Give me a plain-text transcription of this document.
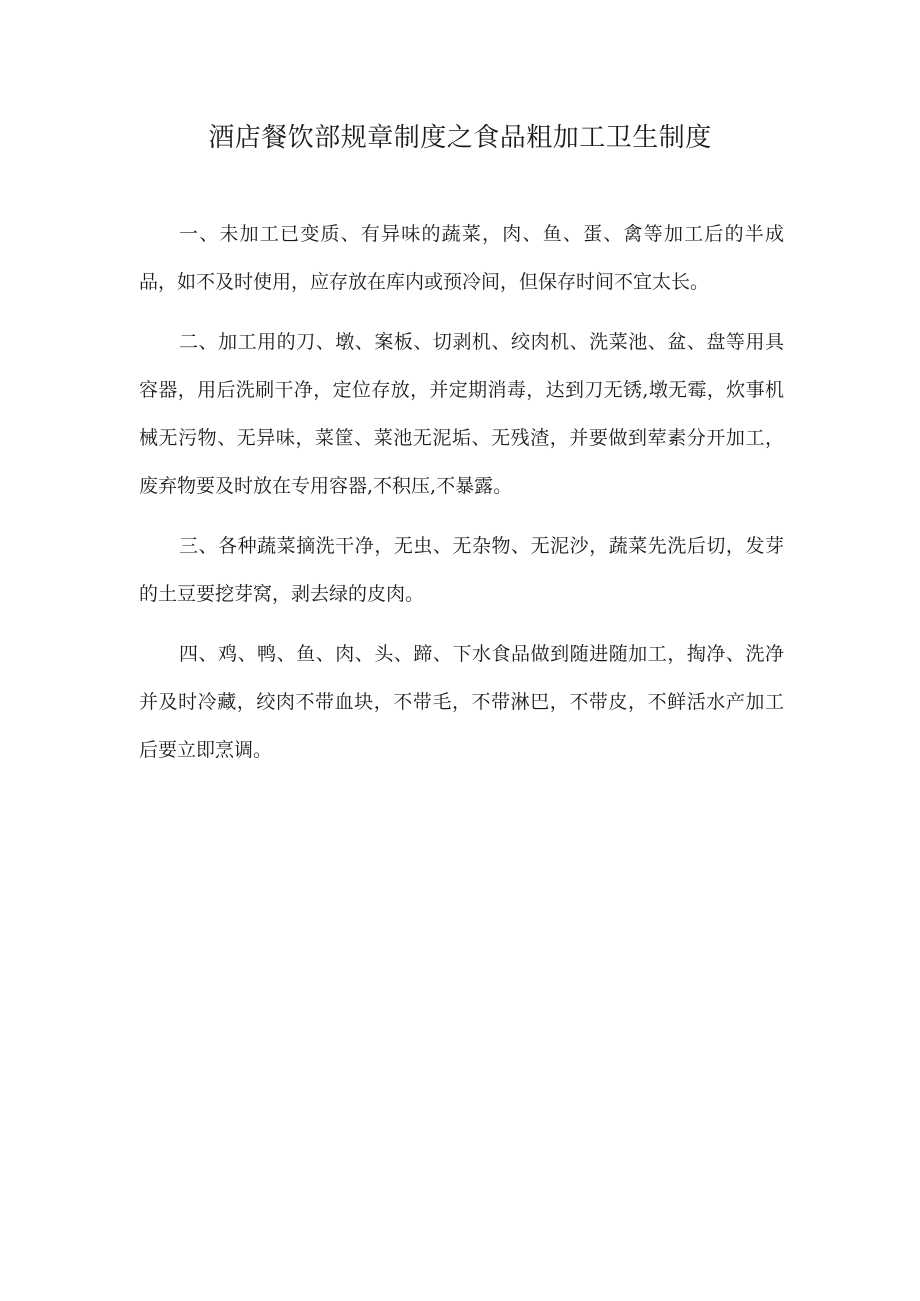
酒店餐饮部规章制度之食品粗加工卫生制度

一、未加工已变质、有异味的蔬菜，肉、鱼、蛋、禽等加工后的半成品，如不及时使用，应存放在库内或预冷间，但保存时间不宜太长。

二、加工用的刀、墩、案板、切剥机、绞肉机、洗菜池、盆、盘等用具容器，用后洗刷干净，定位存放，并定期消毒，达到刀无锈,墩无霉，炊事机械无污物、无异味，菜筐、菜池无泥垢、无残渣，并要做到荤素分开加工，废弃物要及时放在专用容器,不积压,不暴露。

三、各种蔬菜摘洗干净，无虫、无杂物、无泥沙，蔬菜先洗后切，发芽的土豆要挖芽窝，剥去绿的皮肉。

四、鸡、鸭、鱼、肉、头、蹄、下水食品做到随进随加工，掏净、洗净并及时冷藏，绞肉不带血块，不带毛，不带淋巴，不带皮，不鲜活水产加工后要立即烹调。
